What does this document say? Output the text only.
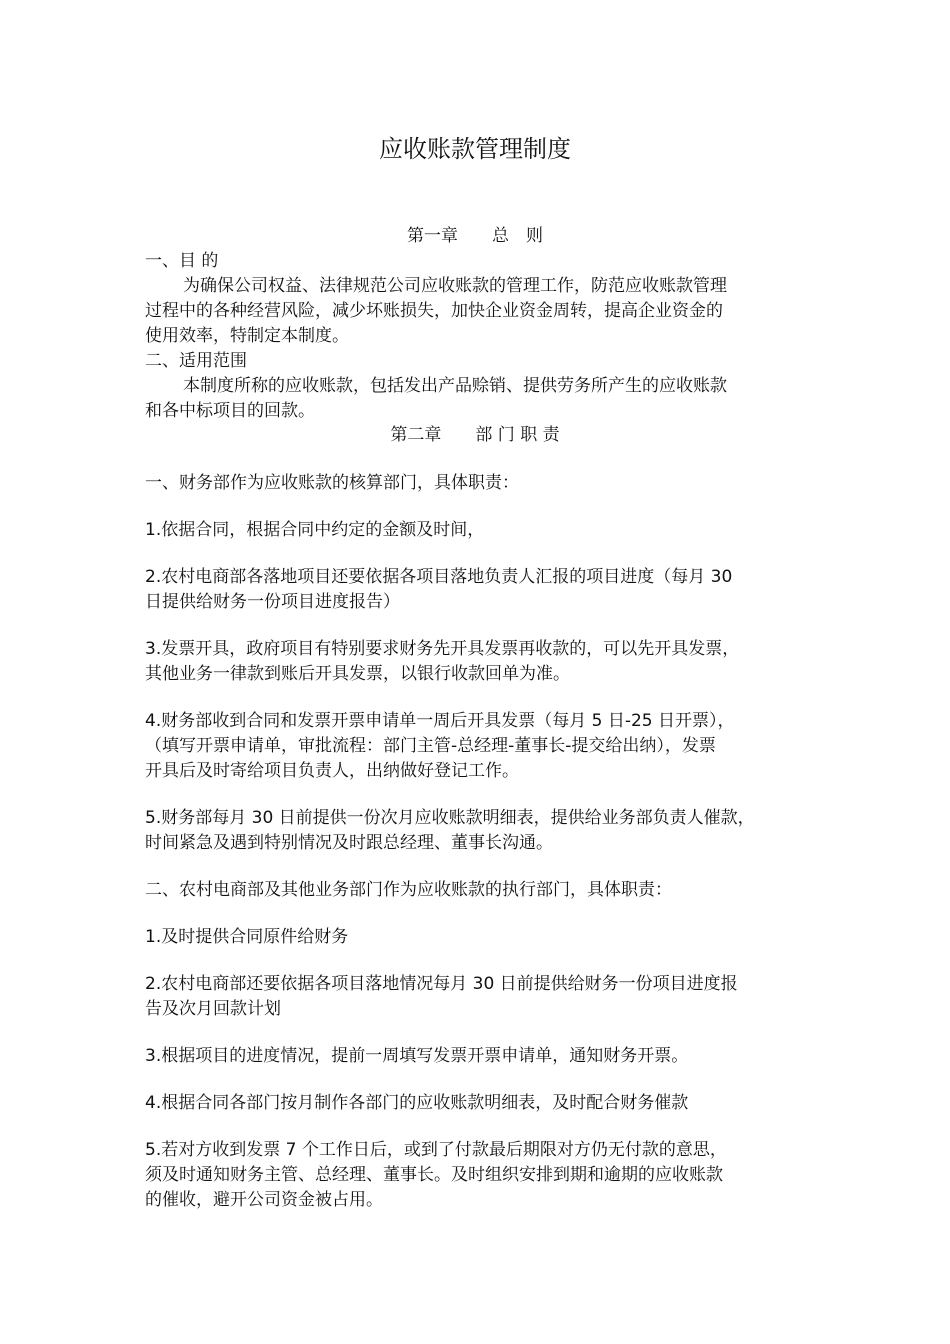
应收账款管理制度
第一章　　总　则

一、目 的

为确保公司权益、法律规范公司应收账款的管理工作，防范应收账款管理

过程中的各种经营风险，减少坏账损失，加快企业资金周转，提高企业资金的

使用效率，特制定本制度。

二、适用范围

本制度所称的应收账款，包括发出产品赊销、提供劳务所产生的应收账款

和各中标项目的回款。

第二章　　部 门 职 责

一、财务部作为应收账款的核算部门，具体职责：

1.依据合同，根据合同中约定的金额及时间，

2.农村电商部各落地项目还要依据各项目落地负责人汇报的项目进度（每月 30

日提供给财务一份项目进度报告）

3.发票开具，政府项目有特别要求财务先开具发票再收款的，可以先开具发票，

其他业务一律款到账后开具发票，以银行收款回单为准。

4.财务部收到合同和发票开票申请单一周后开具发票（每月 5 日-25 日开票），

（填写开票申请单，审批流程：部门主管-总经理-董事长-提交给出纳），发票

开具后及时寄给项目负责人，出纳做好登记工作。

5.财务部每月 30 日前提供一份次月应收账款明细表，提供给业务部负责人催款，

时间紧急及遇到特别情况及时跟总经理、董事长沟通。

二、农村电商部及其他业务部门作为应收账款的执行部门，具体职责：

1.及时提供合同原件给财务

2.农村电商部还要依据各项目落地情况每月 30 日前提供给财务一份项目进度报

告及次月回款计划

3.根据项目的进度情况，提前一周填写发票开票申请单，通知财务开票。

4.根据合同各部门按月制作各部门的应收账款明细表，及时配合财务催款

5.若对方收到发票 7 个工作日后，或到了付款最后期限对方仍无付款的意思，

须及时通知财务主管、总经理、董事长。及时组织安排到期和逾期的应收账款

的催收，避开公司资金被占用。
